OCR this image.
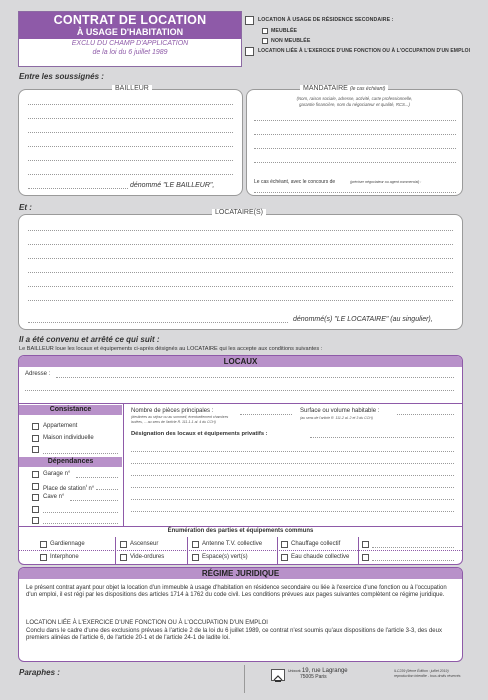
CONTRAT DE LOCATION
À USAGE D'HABITATION
EXCLU DU CHAMP D'APPLICATION
de la loi du 6 juillet 1989
LOCATION À USAGE DE RÉSIDENCE SECONDAIRE :
MEUBLÉE
NON MEUBLÉE
LOCATION LIÉE À L'EXERCICE D'UNE FONCTION OU À L'OCCUPATION D'UN EMPLOI
Entre les soussignés :
BAILLEUR
dénommé "LE BAILLEUR",
MANDATAIRE (le cas échéant)
(Nom, raison sociale, adresse, activité, carte professionnelle,
garantie financière, nom du négociateur et qualité, RCS...)
Le cas échéant, avec le concours de	(préciser négociateur ou agent commercial) :
Et :
LOCATAIRE(S)
dénommé(s) "LE LOCATAIRE" (au singulier),
Il a été convenu et arrêté ce qui suit :
Le BAILLEUR loue les locaux et équipements ci-après désignés au LOCATAIRE qui les accepte aux conditions suivantes :
LOCAUX
Adresse :
Consistance
Appartement
Maison individuelle
Dépendances
Garage n°
Place de station$^t$ n°
Cave n°
Nombre de pièces principales :
(destinées au séjour ou au sommeil, éventuellement chambres
isolées, ... au sens de l'article R. 111-1-1 al. 4 du CCH)
Surface ou volume habitable :
(au sens de l'article R. 111-2 al. 2 et 3 du CCH)
Désignation des locaux et équipements privatifs :
Énumération des parties et équipements communs
Gardiennage	Ascenseur	Antenne T.V. collective	Chauffage collectif
Interphone	Vide-ordures	Espace(s) vert(s)	Eau chaude collective
RÉGIME JURIDIQUE
Le présent contrat ayant pour objet la location d'un immeuble à usage d'habitation en résidence secondaire ou liée à l'exercice d'une fonction ou à l'occupation d'un emploi, il est régi par les dispositions des articles 1714 à 1762 du code civil. Les conditions prévues aux pages suivantes complètent ce régime juridique.
LOCATION LIÉE À L'EXERCICE D'UNE FONCTION OU À L'OCCUPATION D'UN EMPLOI
Conclu dans le cadre d'une des exclusions prévues à l'article 2 de la loi du 6 juillet 1989, ce contrat n'est soumis qu'aux dispositions de l'article 3-3, des deux premiers alinéas de l'article 6, de l'article 20-1 et de l'article 24-1 de ladite loi.
Paraphes :	Uniwork 19, rue Lagrange
75005 Paris
ILC239 (9ème Édition : juillet 2019)
reproduction interdite - tous droits réservés
